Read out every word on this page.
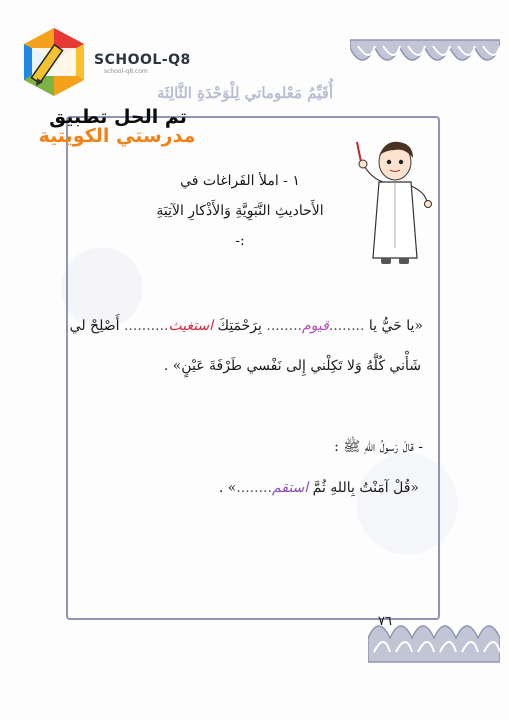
SCHOOL-Q8
school-q8.com
أُقَيِّمُ مَعْلوماتي لِلْوَحْدَةِ الثَّالِثَة
تم الحل تطبيق
مدرستي الكويتية
١ - املأ الفَراغات في
الأَحاديثِ النَّبَوِيَّةِ وَالأَذْكارِ الآتِيَةِ :-
«يا حَيُّ يا ........قيوم........ بِرَحْمَتِكَ استغيث.......... أَصْلِحْ لي
شَأْني كُلَّهُ وَلا تَكِلْني إِلى نَفْسي طَرْفَةَ عَيْنٍ» .
- قالَ رَسولُ اللهِ ﷺ :
«قُلْ آمَنْتُ بِاللهِ ثُمَّ استقم........» .
٧٦
